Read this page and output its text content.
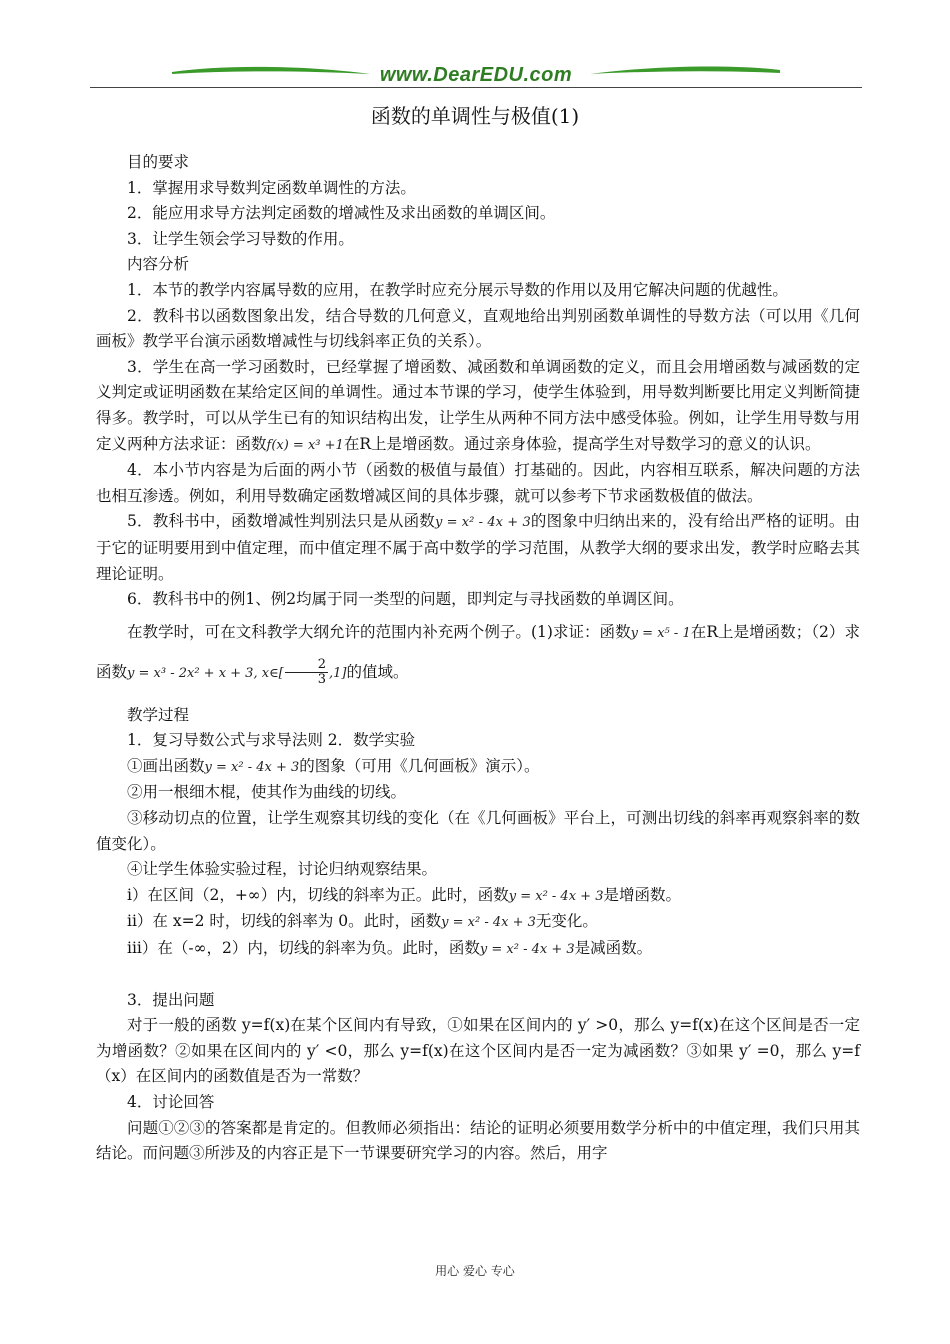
www.DearEDU.com
函数的单调性与极值(1)

目的要求

1．掌握用求导数判定函数单调性的方法。

2．能应用求导方法判定函数的增减性及求出函数的单调区间。

3．让学生领会学习导数的作用。

内容分析

1．本节的教学内容属导数的应用，在教学时应充分展示导数的作用以及用它解决问题的优越性。

2．教科书以函数图象出发，结合导数的几何意义，直观地给出判别函数单调性的导数方法（可以用《几何画板》教学平台演示函数增减性与切线斜率正负的关系）。

3．学生在高一学习函数时，已经掌握了增函数、减函数和单调函数的定义，而且会用增函数与减函数的定义判定或证明函数在某给定区间的单调性。通过本节课的学习，使学生体验到，用导数判断要比用定义判断简捷得多。教学时，可以从学生已有的知识结构出发，让学生从两种不同方法中感受体验。例如，让学生用导数与用定义两种方法求证：函数f(x) = x³ +1在R上是增函数。通过亲身体验，提高学生对导数学习的意义的认识。

4．本小节内容是为后面的两小节（函数的极值与最值）打基础的。因此，内容相互联系，解决问题的方法也相互渗透。例如，利用导数确定函数增减区间的具体步骤，就可以参考下节求函数极值的做法。

5．教科书中，函数增减性判别法只是从函数y = x² - 4x + 3的图象中归纳出来的，没有给出严格的证明。由于它的证明要用到中值定理，而中值定理不属于高中数学的学习范围，从教学大纲的要求出发，教学时应略去其理论证明。

6．教科书中的例1、例2均属于同一类型的问题，即判定与寻找函数的单调区间。

在教学时，可在文科教学大纲允许的范围内补充两个例子。(1)求证：函数y = x⁵ - 1在R上是增函数；（2）求函数y = x³ - 2x² + x + 3, x∈[ $\frac{2}{3} ,1$]的值域。

教学过程

1．复习导数公式与求导法则 2．数学实验

①画出函数y = x² - 4x + 3的图象（可用《几何画板》演示）。

②用一根细木棍，使其作为曲线的切线。

③移动切点的位置，让学生观察其切线的变化（在《几何画板》平台上，可测出切线的斜率再观察斜率的数值变化）。

④让学生体验实验过程，讨论归纳观察结果。

i）在区间（2，+∞）内，切线的斜率为正。此时，函数y = x² - 4x + 3是增函数。

ii）在 x=2 时，切线的斜率为 0。此时，函数y = x² - 4x + 3无变化。

iii）在（-∞，2）内，切线的斜率为负。此时，函数y = x² - 4x + 3是减函数。

3．提出问题

对于一般的函数 y=f(x)在某个区间内有导致，①如果在区间内的 y′ >0，那么 y=f(x)在这个区间是否一定为增函数？②如果在区间内的 y′ <0，那么 y=f(x)在这个区间内是否一定为减函数？③如果 y′ =0，那么 y=f（x）在区间内的函数值是否为一常数？

4．讨论回答

问题①②③的答案都是肯定的。但教师必须指出：结论的证明必须要用数学分析中的中值定理，我们只用其结论。而问题③所涉及的内容正是下一节课要研究学习的内容。然后，用字

用心 爱心 专心
